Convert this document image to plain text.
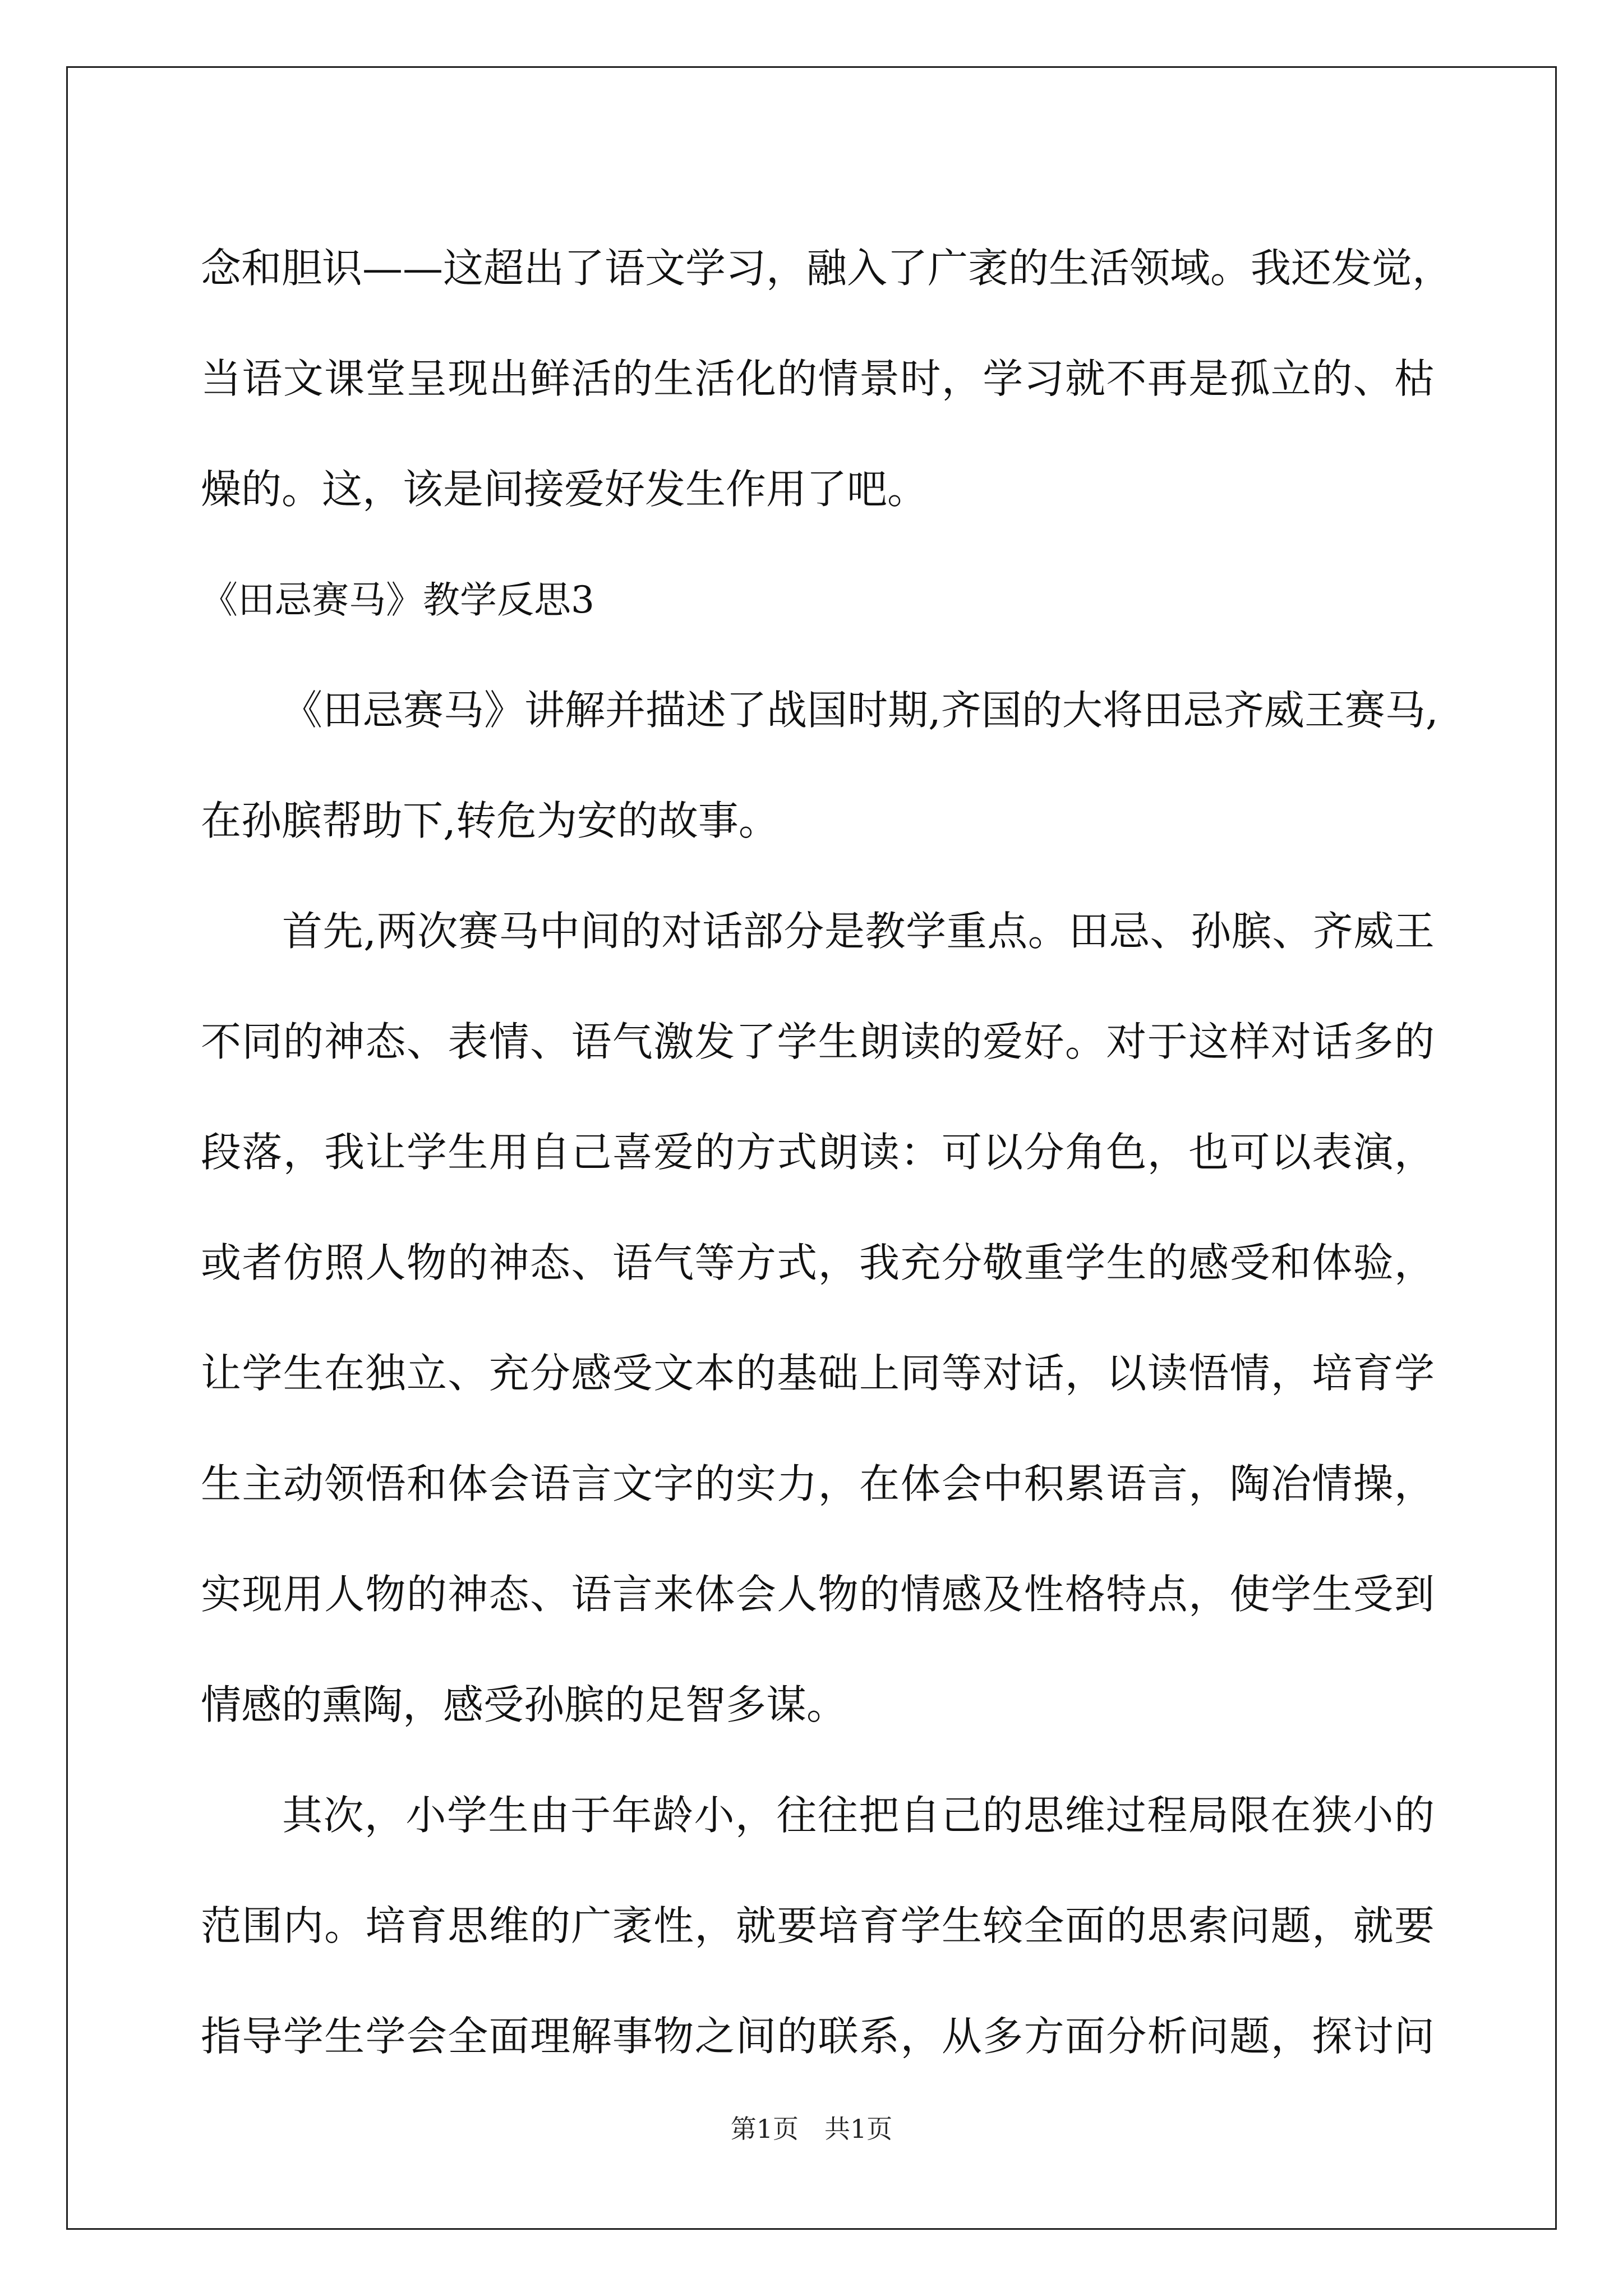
念和胆识——这超出了语文学习，融入了广袤的生活领域。我还发觉，
当语文课堂呈现出鲜活的生活化的情景时，学习就不再是孤立的、枯
燥的。这，该是间接爱好发生作用了吧。
《田忌赛马》教学反思3
《田忌赛马》讲解并描述了战国时期,齐国的大将田忌齐威王赛马,
在孙膑帮助下,转危为安的故事。
首先,两次赛马中间的对话部分是教学重点。田忌、孙膑、齐威王
不同的神态、表情、语气激发了学生朗读的爱好。对于这样对话多的
段落，我让学生用自己喜爱的方式朗读：可以分角色，也可以表演，
或者仿照人物的神态、语气等方式，我充分敬重学生的感受和体验，
让学生在独立、充分感受文本的基础上同等对话，以读悟情，培育学
生主动领悟和体会语言文字的实力，在体会中积累语言，陶冶情操，
实现用人物的神态、语言来体会人物的情感及性格特点，使学生受到
情感的熏陶，感受孙膑的足智多谋。
其次，小学生由于年龄小，往往把自己的思维过程局限在狭小的
范围内。培育思维的广袤性，就要培育学生较全面的思索问题，就要
指导学生学会全面理解事物之间的联系，从多方面分析问题，探讨问
第1页　共1页
